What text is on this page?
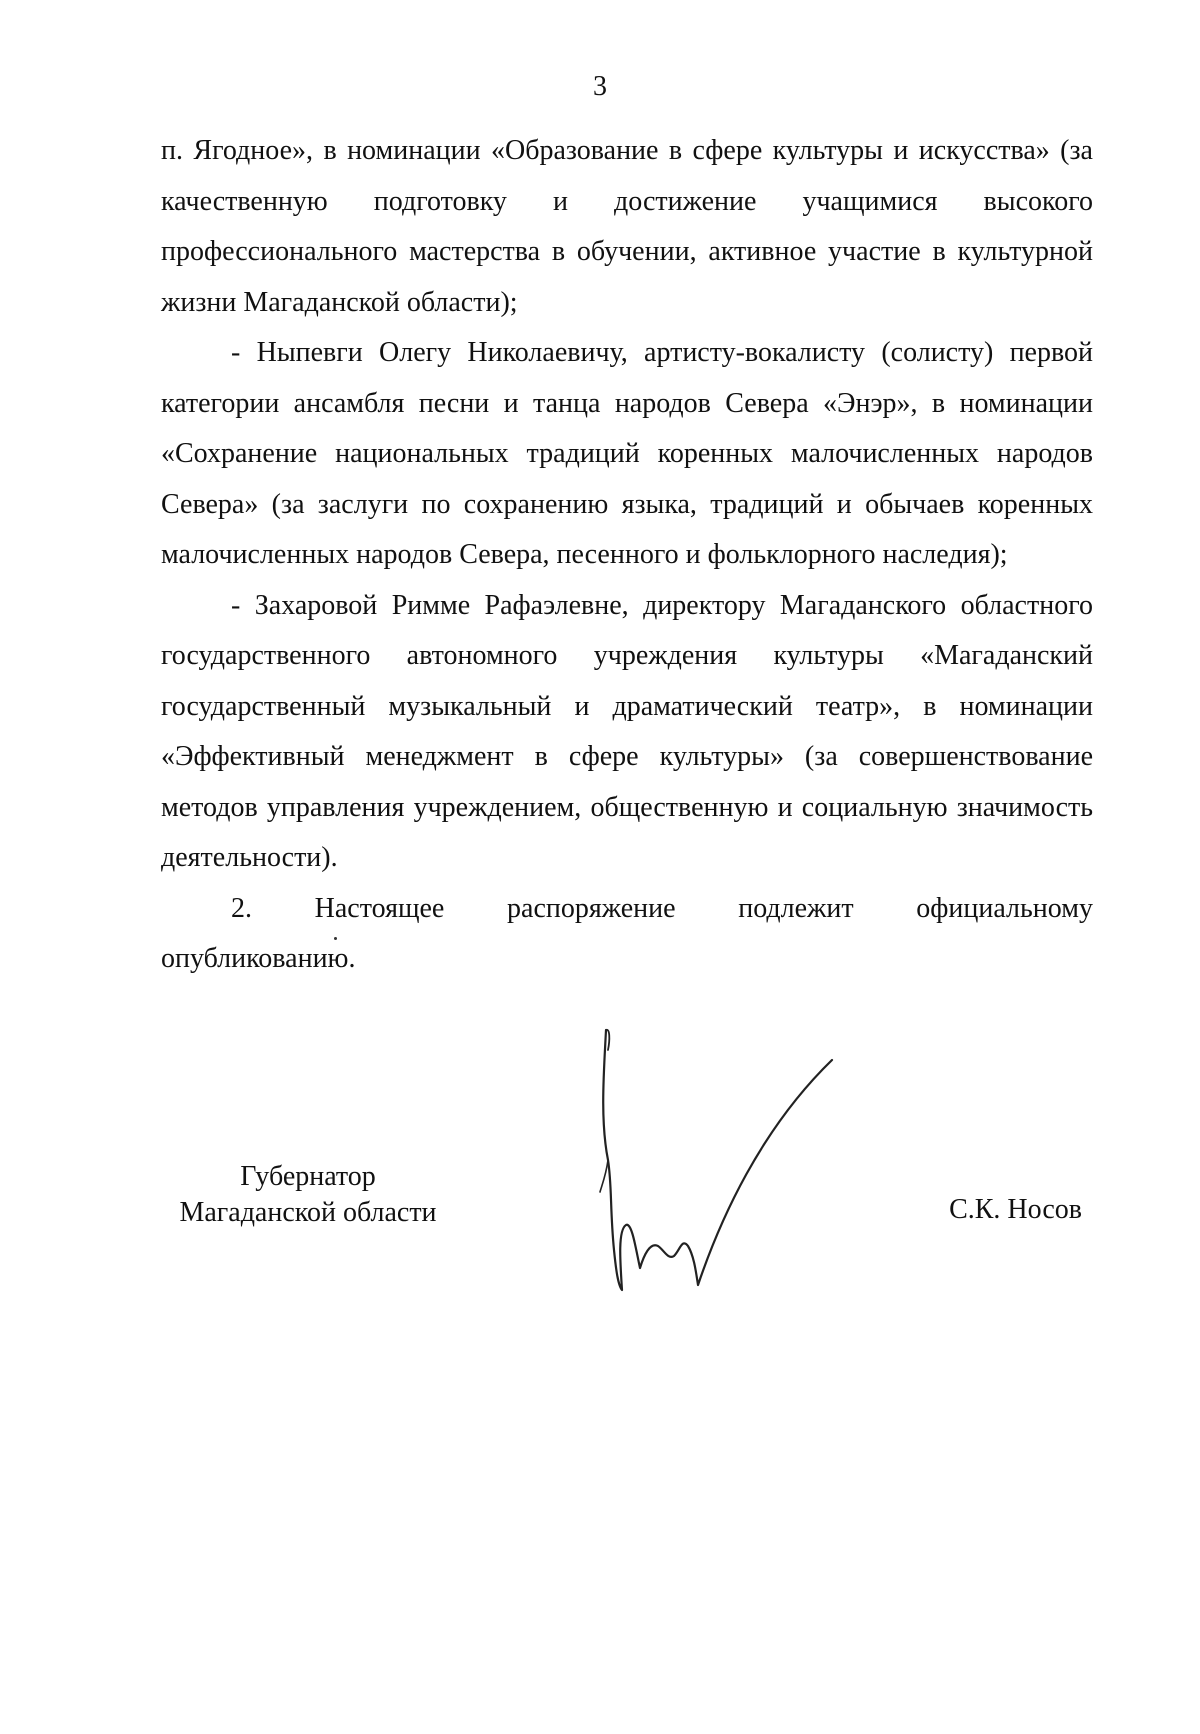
3

п. Ягодное», в номинации «Образование в сфере культуры и искусства» (за качественную подготовку и достижение учащимися высокого профессионального мастерства в обучении, активное участие в культурной жизни Магаданской области);

- Ныпевги Олегу Николаевичу, артисту-вокалисту (солисту) первой категории ансамбля песни и танца народов Севера «Энэр», в номинации «Сохранение национальных традиций коренных малочисленных народов Севера» (за заслуги по сохранению языка, традиций и обычаев коренных малочисленных народов Севера, песенного и фольклорного наследия);

- Захаровой Римме Рафаэлевне, директору Магаданского областного государственного автономного учреждения культуры «Магаданский государственный музыкальный и драматический театр», в номинации «Эффективный менеджмент в сфере культуры» (за совершенствование методов управления учреждением, общественную и социальную значимость деятельности).

2. Настоящее распоряжение подлежит официальному

опубликованию.

Губернатор
Магаданской области	С.К. Носов
